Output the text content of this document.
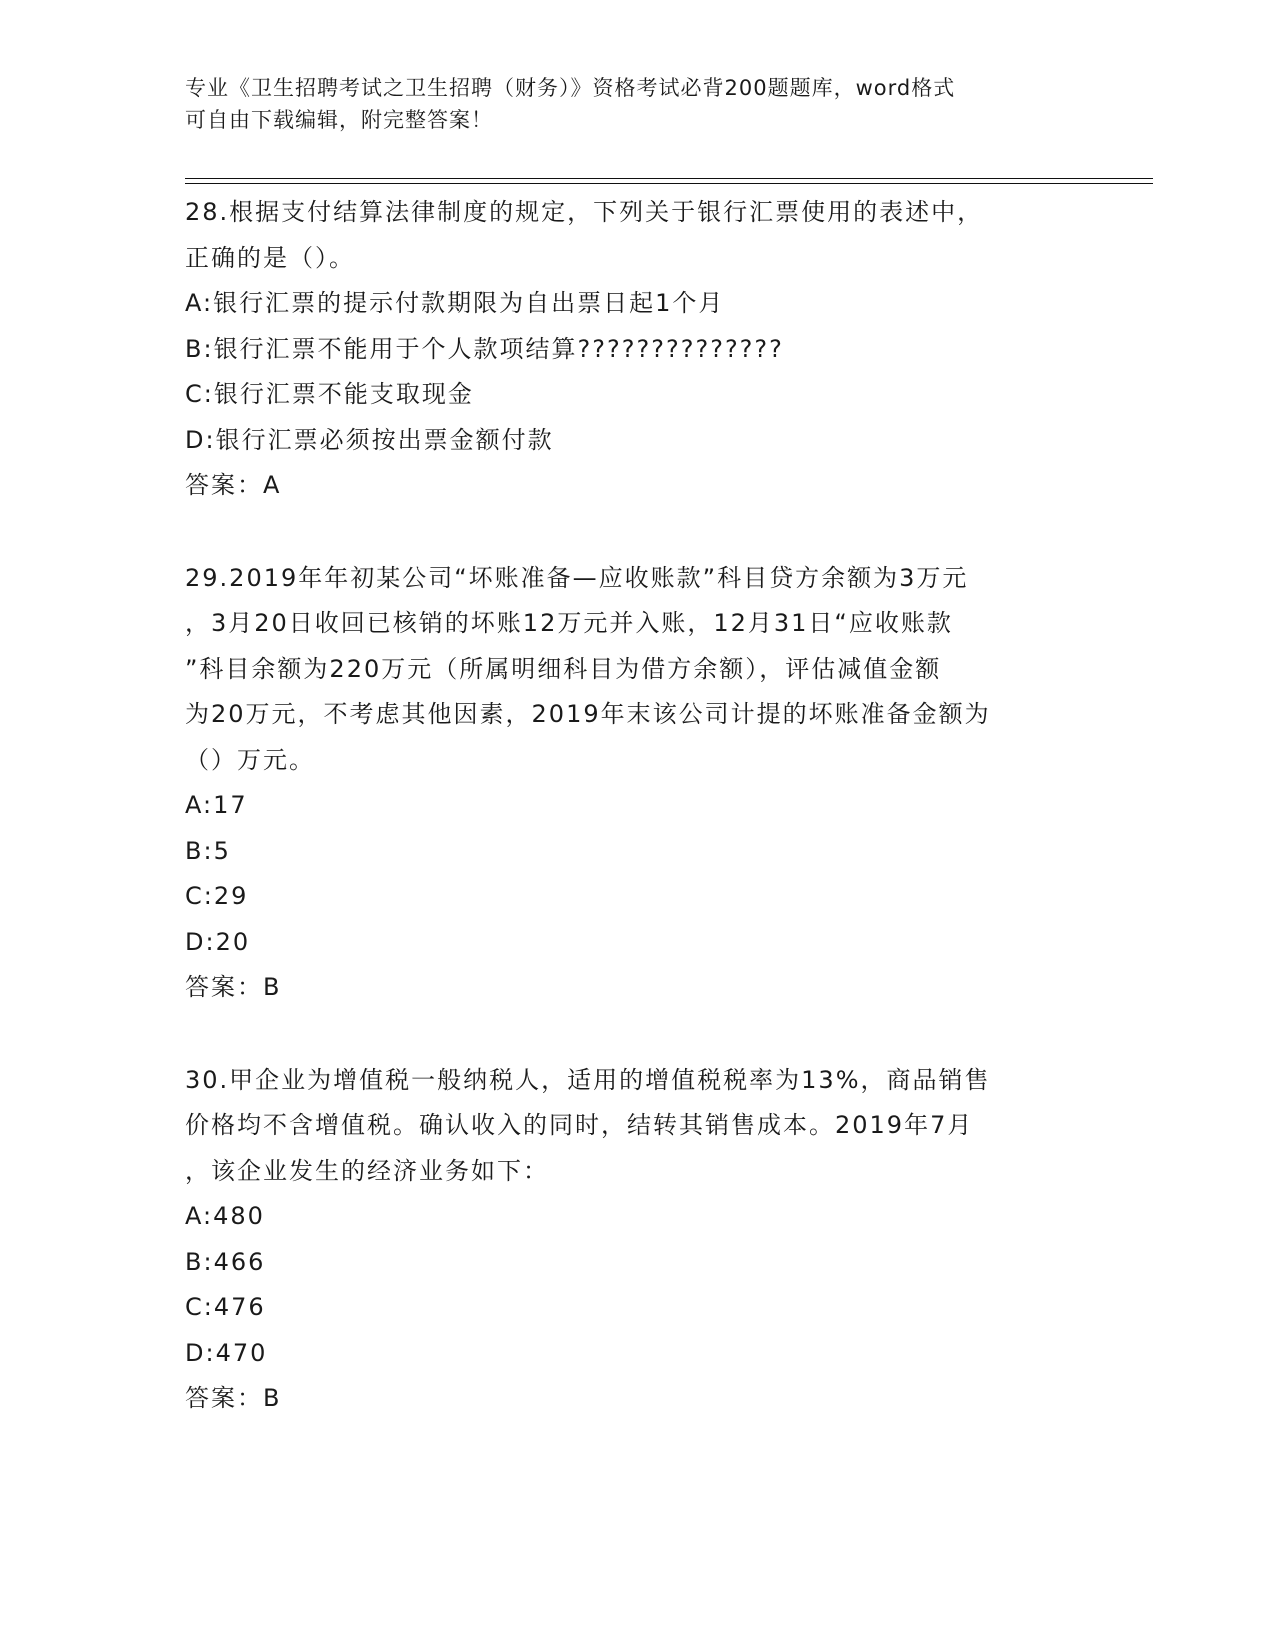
专业《卫生招聘考试之卫生招聘（财务）》资格考试必背200题题库，word格式
可自由下载编辑，附完整答案！

28.根据支付结算法律制度的规定，下列关于银行汇票使用的表述中，
正确的是（）。

A: 银行汇票的提示付款期限为自出票日起1个月
B: 银行汇票不能用于个人款项结算??????????????
C: 银行汇票不能支取现金
D: 银行汇票必须按出票金额付款
答案：A

29.2019年年初某公司“坏账准备—应收账款”科目贷方余额为3万元
，3月20日收回已核销的坏账12万元并入账，12月31日“应收账款
”科目余额为220万元（所属明细科目为借方余额），评估减值金额
为20万元，不考虑其他因素，2019年末该公司计提的坏账准备金额为
（）万元。

A: 17
B: 5
C: 29
D: 20
答案：B

30.甲企业为增值税一般纳税人，适用的增值税税率为13%，商品销售
价格均不含增值税。确认收入的同时，结转其销售成本。2019年7月
，该企业发生的经济业务如下：

A: 480
B: 466
C: 476
D: 470
答案：B
